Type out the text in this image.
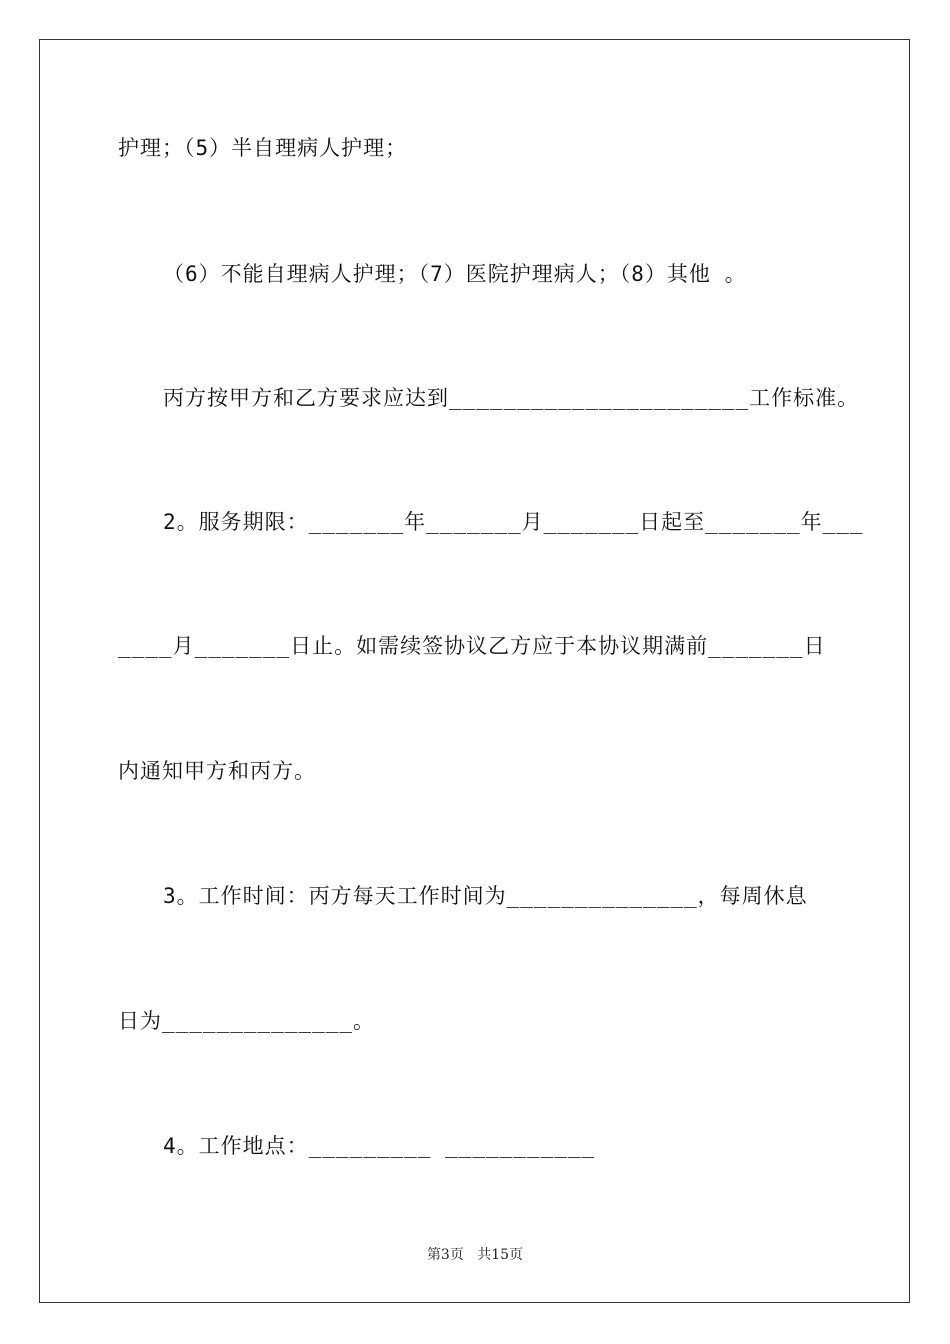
护理；（5）半自理病人护理；
（6）不能自理病人护理；（7）医院护理病人；（8）其他 。
丙方按甲方和乙方要求应达到______________________工作标准。
2。服务期限：_______年_______月_______日起至_______年___
____月_______日止。如需续签协议乙方应于本协议期满前_______日
内通知甲方和丙方。
3。工作时间：丙方每天工作时间为______________，每周休息
日为______________。
4。工作地点：_________ ___________
第3页 共15页
